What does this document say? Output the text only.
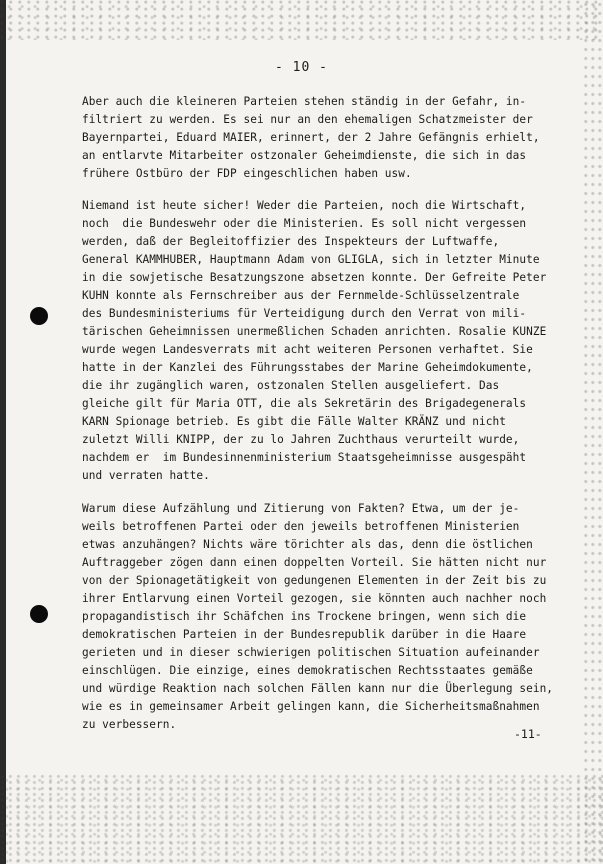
- 10 -
Aber auch die kleineren Parteien stehen ständig in der Gefahr, in-
filtriert zu werden. Es sei nur an den ehemaligen Schatzmeister der
Bayernpartei, Eduard MAIER, erinnert, der 2 Jahre Gefängnis erhielt,
an entlarvte Mitarbeiter ostzonaler Geheimdienste, die sich in das
frühere Ostbüro der FDP eingeschlichen haben usw.
Niemand ist heute sicher! Weder die Parteien, noch die Wirtschaft,
noch  die Bundeswehr oder die Ministerien. Es soll nicht vergessen
werden, daß der Begleitoffizier des Inspekteurs der Luftwaffe,
General KAMMHUBER, Hauptmann Adam von GLIGLA, sich in letzter Minute
in die sowjetische Besatzungszone absetzen konnte. Der Gefreite Peter
KUHN konnte als Fernschreiber aus der Fernmelde-Schlüsselzentrale
des Bundesministeriums für Verteidigung durch den Verrat von mili-
tärischen Geheimnissen unermeßlichen Schaden anrichten. Rosalie KUNZE
wurde wegen Landesverrats mit acht weiteren Personen verhaftet. Sie
hatte in der Kanzlei des Führungsstabes der Marine Geheimdokumente,
die ihr zugänglich waren, ostzonalen Stellen ausgeliefert. Das
gleiche gilt für Maria OTT, die als Sekretärin des Brigadegenerals
KARN Spionage betrieb. Es gibt die Fälle Walter KRÄNZ und nicht
zuletzt Willi KNIPP, der zu lo Jahren Zuchthaus verurteilt wurde,
nachdem er  im Bundesinnenministerium Staatsgeheimnisse ausgespäht
und verraten hatte.
Warum diese Aufzählung und Zitierung von Fakten? Etwa, um der je-
weils betroffenen Partei oder den jeweils betroffenen Ministerien
etwas anzuhängen? Nichts wäre törichter als das, denn die östlichen
Auftraggeber zögen dann einen doppelten Vorteil. Sie hätten nicht nur
von der Spionagetätigkeit von gedungenen Elementen in der Zeit bis zu
ihrer Entlarvung einen Vorteil gezogen, sie könnten auch nachher noch
propagandistisch ihr Schäfchen ins Trockene bringen, wenn sich die
demokratischen Parteien in der Bundesrepublik darüber in die Haare
gerieten und in dieser schwierigen politischen Situation aufeinander
einschlügen. Die einzige, eines demokratischen Rechtsstaates gemäße
und würdige Reaktion nach solchen Fällen kann nur die Überlegung sein,
wie es in gemeinsamer Arbeit gelingen kann, die Sicherheitsmaßnahmen
zu verbessern.
-11-
